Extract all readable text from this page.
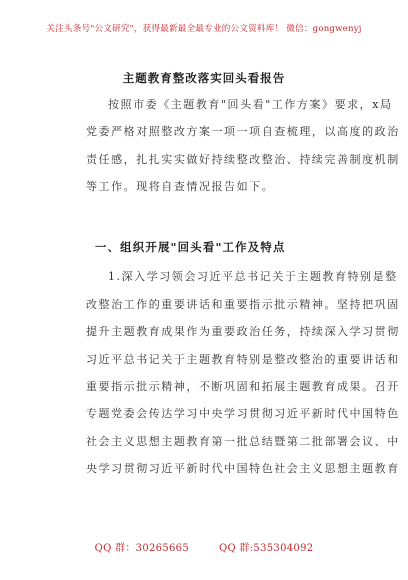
关注头条号"公文研究"，获得最新最全最专业的公文资料库！ 微信：gongwenyj
主题教育整改落实回头看报告
按照市委《主题教育"回头看"工作方案》要求，x局
党委严格对照整改方案一项一项自查梳理，以高度的政治
责任感，扎扎实实做好持续整改整治、持续完善制度机制
等工作。现将自查情况报告如下。
一、组织开展"回头看"工作及特点
1.深入学习领会习近平总书记关于主题教育特别是整
改整治工作的重要讲话和重要指示批示精神。坚持把巩固
提升主题教育成果作为重要政治任务，持续深入学习贯彻
习近平总书记关于主题教育特别是整改整治的重要讲话和
重要指示批示精神，不断巩固和拓展主题教育成果。召开
专题党委会传达学习中央学习贯彻习近平新时代中国特色
社会主义思想主题教育第一批总结暨第二批部署会议、中
央学习贯彻习近平新时代中国特色社会主义思想主题教育
QQ 群：30265665	QQ 群:535304092
